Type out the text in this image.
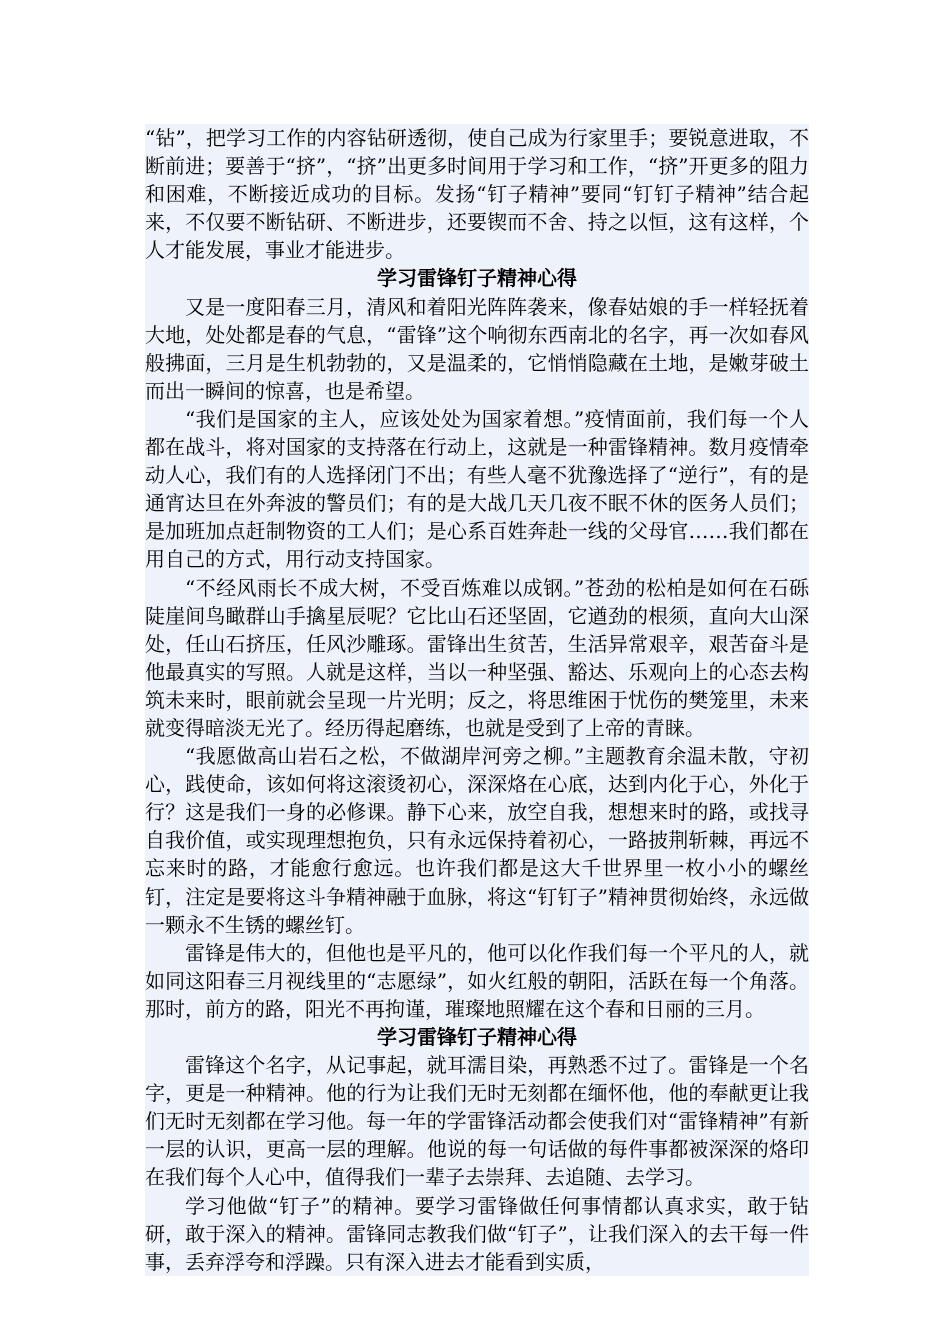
“钻”，把学习工作的内容钻研透彻，使自己成为行家里手；要锐意进取，不断前进；要善于“挤”，“挤”出更多时间用于学习和工作，“挤”开更多的阻力和困难，不断接近成功的目标。发扬“钉子精神”要同“钉钉子精神”结合起来，不仅要不断钻研、不断进步，还要锲而不舍、持之以恒，这有这样，个人才能发展，事业才能进步。

学习雷锋钉子精神心得

又是一度阳春三月，清风和着阳光阵阵袭来，像春姑娘的手一样轻抚着大地，处处都是春的气息，“雷锋”这个响彻东西南北的名字，再一次如春风般拂面，三月是生机勃勃的，又是温柔的，它悄悄隐藏在土地，是嫩芽破土而出一瞬间的惊喜，也是希望。

“我们是国家的主人，应该处处为国家着想。”疫情面前，我们每一个人都在战斗，将对国家的支持落在行动上，这就是一种雷锋精神。数月疫情牵动人心，我们有的人选择闭门不出；有些人毫不犹豫选择了“逆行”，有的是通宵达旦在外奔波的警员们；有的是大战几天几夜不眠不休的医务人员们；是加班加点赶制物资的工人们；是心系百姓奔赴一线的父母官……我们都在用自己的方式，用行动支持国家。

“不经风雨长不成大树，不受百炼难以成钢。”苍劲的松柏是如何在石砾陡崖间鸟瞰群山手擒星辰呢？它比山石还坚固，它遒劲的根须，直向大山深处，任山石挤压，任风沙雕琢。雷锋出生贫苦，生活异常艰辛，艰苦奋斗是他最真实的写照。人就是这样，当以一种坚强、豁达、乐观向上的心态去构筑未来时，眼前就会呈现一片光明；反之，将思维困于忧伤的樊笼里，未来就变得暗淡无光了。经历得起磨练，也就是受到了上帝的青睐。

“我愿做高山岩石之松，不做湖岸河旁之柳。”主题教育余温未散，守初心，践使命，该如何将这滚烫初心，深深烙在心底，达到内化于心，外化于行？这是我们一身的必修课。静下心来，放空自我，想想来时的路，或找寻自我价值，或实现理想抱负，只有永远保持着初心，一路披荆斩棘，再远不忘来时的路，才能愈行愈远。也许我们都是这大千世界里一枚小小的螺丝钉，注定是要将这斗争精神融于血脉，将这“钉钉子”精神贯彻始终，永远做一颗永不生锈的螺丝钉。

雷锋是伟大的，但他也是平凡的，他可以化作我们每一个平凡的人，就如同这阳春三月视线里的“志愿绿”，如火红般的朝阳，活跃在每一个角落。那时，前方的路，阳光不再拘谨，璀璨地照耀在这个春和日丽的三月。

学习雷锋钉子精神心得

雷锋这个名字，从记事起，就耳濡目染，再熟悉不过了。雷锋是一个名字，更是一种精神。他的行为让我们无时无刻都在缅怀他，他的奉献更让我们无时无刻都在学习他。每一年的学雷锋活动都会使我们对“雷锋精神”有新一层的认识，更高一层的理解。他说的每一句话做的每件事都被深深的烙印在我们每个人心中，值得我们一辈子去崇拜、去追随、去学习。

学习他做“钉子”的精神。要学习雷锋做任何事情都认真求实，敢于钻研，敢于深入的精神。雷锋同志教我们做“钉子”，让我们深入的去干每一件事，丢弃浮夸和浮躁。只有深入进去才能看到实质，
